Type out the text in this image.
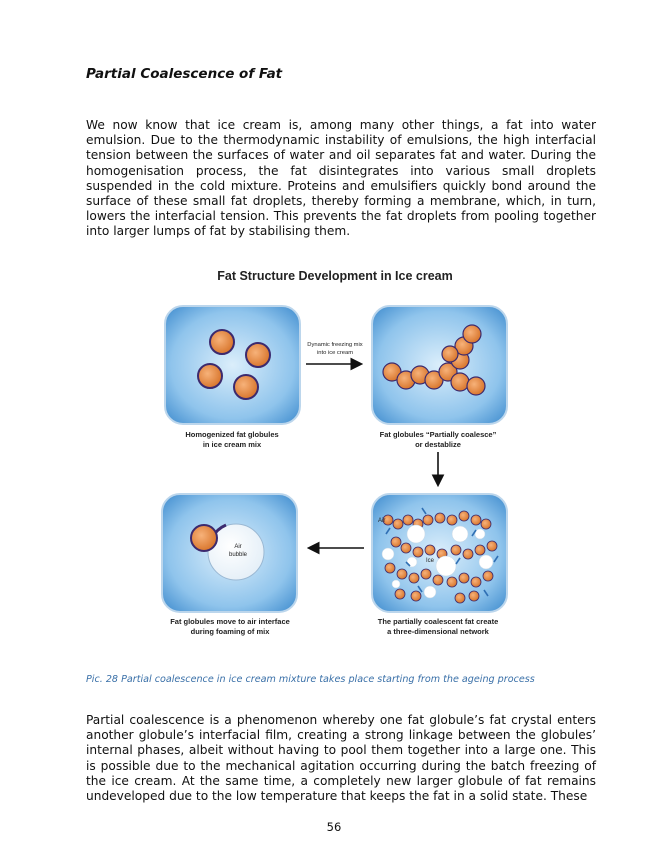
Partial Coalescence of Fat

We now know that ice cream is, among many other things, a fat into water emulsion. Due to the thermodynamic instability of emulsions, the high interfacial tension between the surfaces of water and oil separates fat and water. During the homogenisation process, the fat disintegrates into various small droplets suspended in the cold mixture. Proteins and emulsifiers quickly bond around the surface of these small fat droplets, thereby forming a membrane, which, in turn, lowers the interfacial tension. This prevents the fat droplets from pooling together into larger lumps of fat by stabilising them.

Fat Structure Development in Ice cream
Homogenized fat globules
in ice cream mix
Dynamic freezing mix
into ice cream
Fat globules “Partially coalesce”
or destablize
Air
bubble
Fat globules move to air interface
during foaming of mix
Air
Ice
The partially coalescent fat create
a three-dimensional network
Pic. 28 Partial coalescence in ice cream mixture takes place starting from the ageing process

Partial coalescence is a phenomenon whereby one fat globule’s fat crystal enters another globule’s interfacial film, creating a strong linkage between the globules’ internal phases, albeit without having to pool them together into a large one. This is possible due to the mechanical agitation occurring during the batch freezing of the ice cream. At the same time, a completely new larger globule of fat remains undeveloped due to the low temperature that keeps the fat in a solid state. These

56
